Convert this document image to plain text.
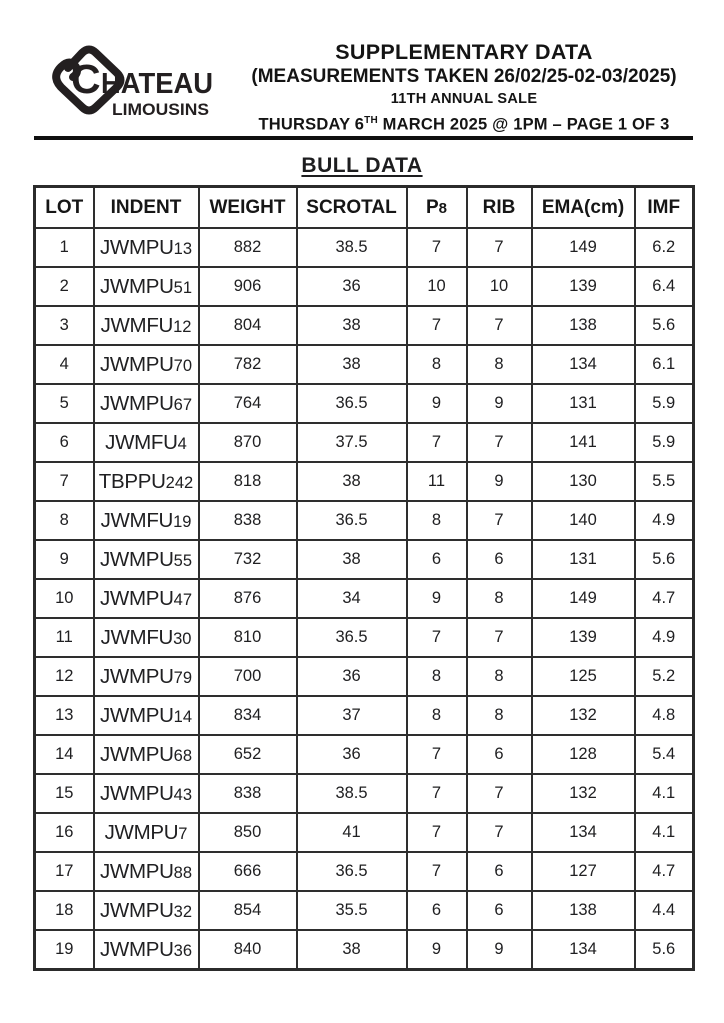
C HATEAU
LIMOUSINS
SUPPLEMENTARY DATA
(MEASUREMENTS TAKEN 26/02/25-02-03/2025)
11TH ANNUAL SALE
THURSDAY 6TH MARCH 2025 @ 1PM – PAGE 1 OF 3
BULL DATA
LOT	INDENT	WEIGHT	SCROTAL	P8	RIB	EMA(cm)	IMF
1	JWMPU13	882	38.5	7	7	149	6.2
2	JWMPU51	906	36	10	10	139	6.4
3	JWMFU12	804	38	7	7	138	5.6
4	JWMPU70	782	38	8	8	134	6.1
5	JWMPU67	764	36.5	9	9	131	5.9
6	JWMFU4	870	37.5	7	7	141	5.9
7	TBPPU242	818	38	11	9	130	5.5
8	JWMFU19	838	36.5	8	7	140	4.9
9	JWMPU55	732	38	6	6	131	5.6
10	JWMPU47	876	34	9	8	149	4.7
11	JWMFU30	810	36.5	7	7	139	4.9
12	JWMPU79	700	36	8	8	125	5.2
13	JWMPU14	834	37	8	8	132	4.8
14	JWMPU68	652	36	7	6	128	5.4
15	JWMPU43	838	38.5	7	7	132	4.1
16	JWMPU7	850	41	7	7	134	4.1
17	JWMPU88	666	36.5	7	6	127	4.7
18	JWMPU32	854	35.5	6	6	138	4.4
19	JWMPU36	840	38	9	9	134	5.6
